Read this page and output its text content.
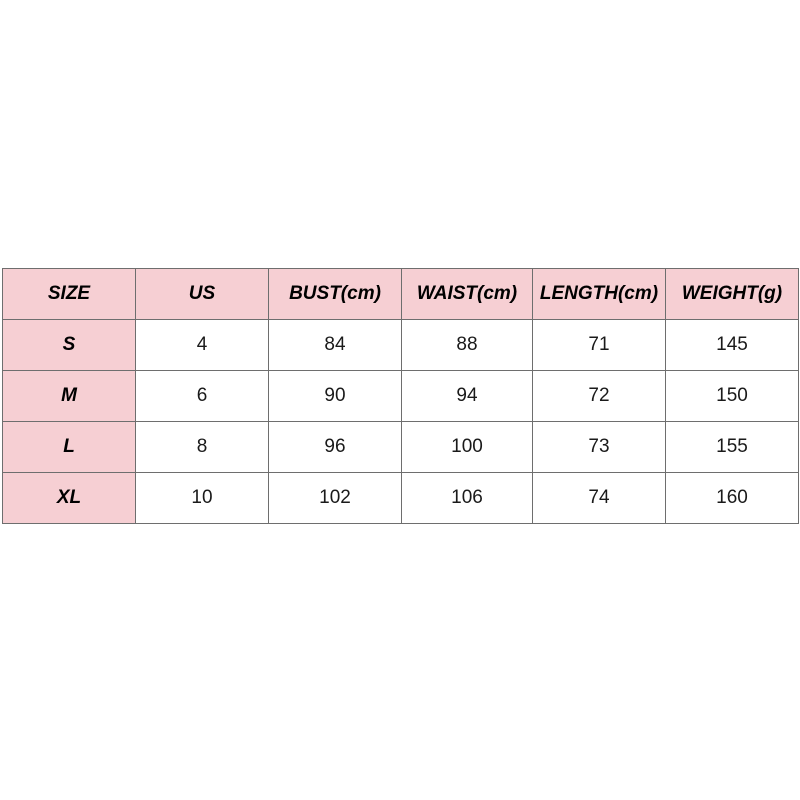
SIZE	US	BUST(cm)	WAIST(cm)	LENGTH(cm)	WEIGHT(g)
S	4	84	88	71	145
M	6	90	94	72	150
L	8	96	100	73	155
XL	10	102	106	74	160
